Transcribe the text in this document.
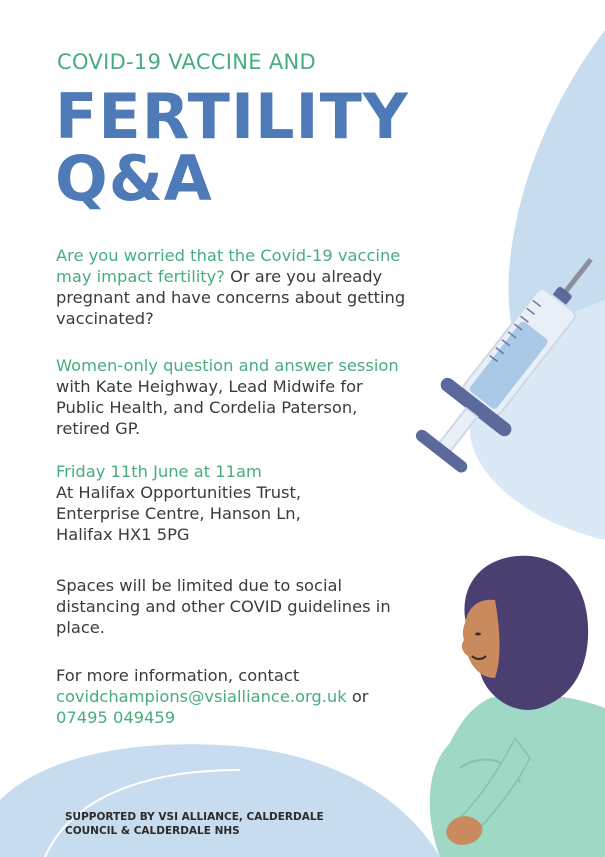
COVID-19 VACCINE AND
FERTILITY
Q&A

Are you worried that the Covid-19 vaccine may impact fertility? Or are you already pregnant and have concerns about getting vaccinated?

Women-only question and answer session with Kate Heighway, Lead Midwife for Public Health, and Cordelia Paterson, retired GP.

Friday 11th June at 11am
At Halifax Opportunities Trust,
Enterprise Centre, Hanson Ln,
Halifax HX1 5PG

Spaces will be limited due to social distancing and other COVID guidelines in place.

For more information, contact
covidchampions@vsialliance.org.uk or
07495 049459
SUPPORTED BY VSI ALLIANCE, CALDERDALE
COUNCIL & CALDERDALE NHS
